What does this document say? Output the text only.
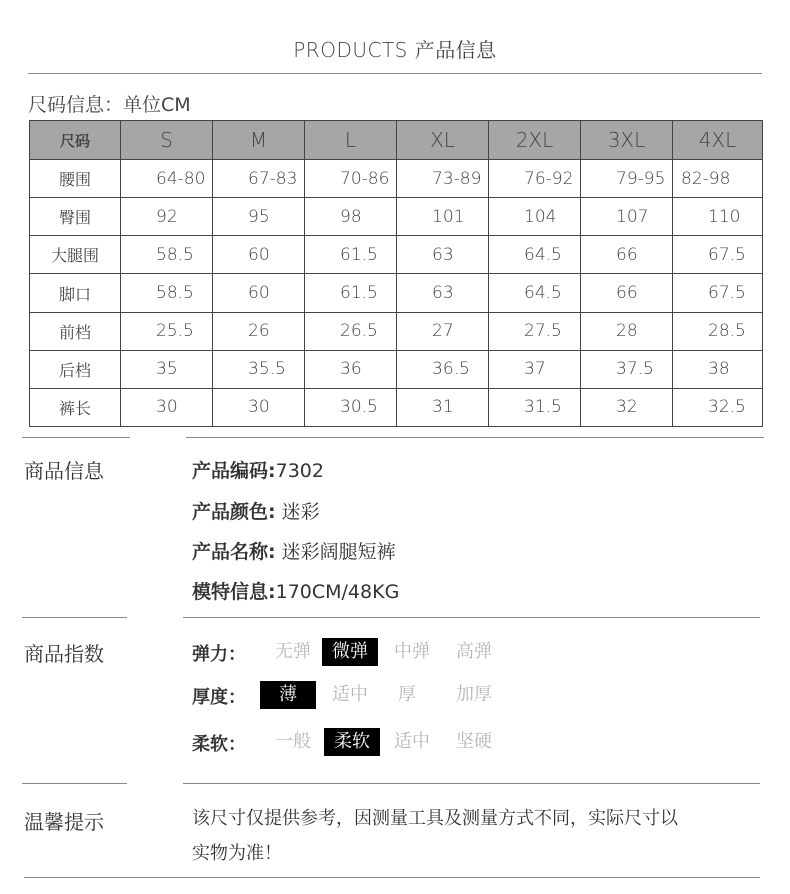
PRODUCTS 产品信息
尺码信息：单位CM
尺码	S	M	L	XL	2XL	3XL	4XL
腰围	64-80	67-83	70-86	73-89	76-92	79-95	82-98
臀围	92	95	98	101	104	107	110
大腿围	58.5	60	61.5	63	64.5	66	67.5
脚口	58.5	60	61.5	63	64.5	66	67.5
前档	25.5	26	26.5	27	27.5	28	28.5
后档	35	35.5	36	36.5	37	37.5	38
裤长	30	30	30.5	31	31.5	32	32.5
商品信息	产品编码:7302
产品颜色: 迷彩
产品名称: 迷彩阔腿短裤
模特信息:170CM/48KG
商品指数	弹力： 无弹	微弹	中弹 高弹
厚度：	薄	适中	厚	加厚
柔软： 一般	柔软	适中 坚硬
温馨提示	该尺寸仅提供参考，因测量工具及测量方式不同，实际尺寸以
实物为准！
